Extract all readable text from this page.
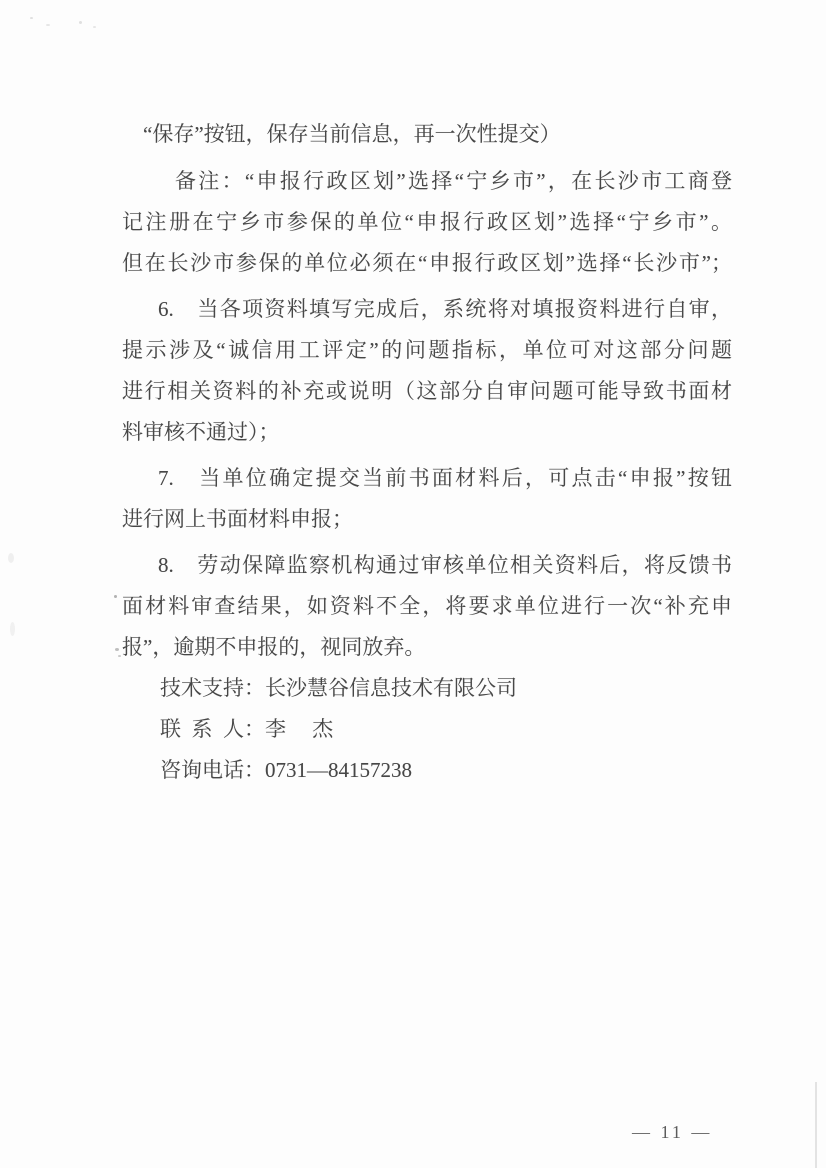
“保存”按钮，保存当前信息，再一次性提交）
备注：“申报行政区划”选择“宁乡市”，在长沙市工商登
记注册在宁乡市参保的单位“申报行政区划”选择“宁乡市”。
但在长沙市参保的单位必须在“申报行政区划”选择“长沙市”；
6.　当各项资料填写完成后，系统将对填报资料进行自审，
提示涉及“诚信用工评定”的问题指标，单位可对这部分问题
进行相关资料的补充或说明（这部分自审问题可能导致书面材
料审核不通过）；
7.　当单位确定提交当前书面材料后，可点击“申报”按钮
进行网上书面材料申报；
8.　劳动保障监察机构通过审核单位相关资料后，将反馈书
面材料审查结果，如资料不全，将要求单位进行一次“补充申
报”，逾期不申报的，视同放弃。
技术支持：长沙慧谷信息技术有限公司
联  系  人：李　 杰
咨询电话：0731—84157238
— 11 —
